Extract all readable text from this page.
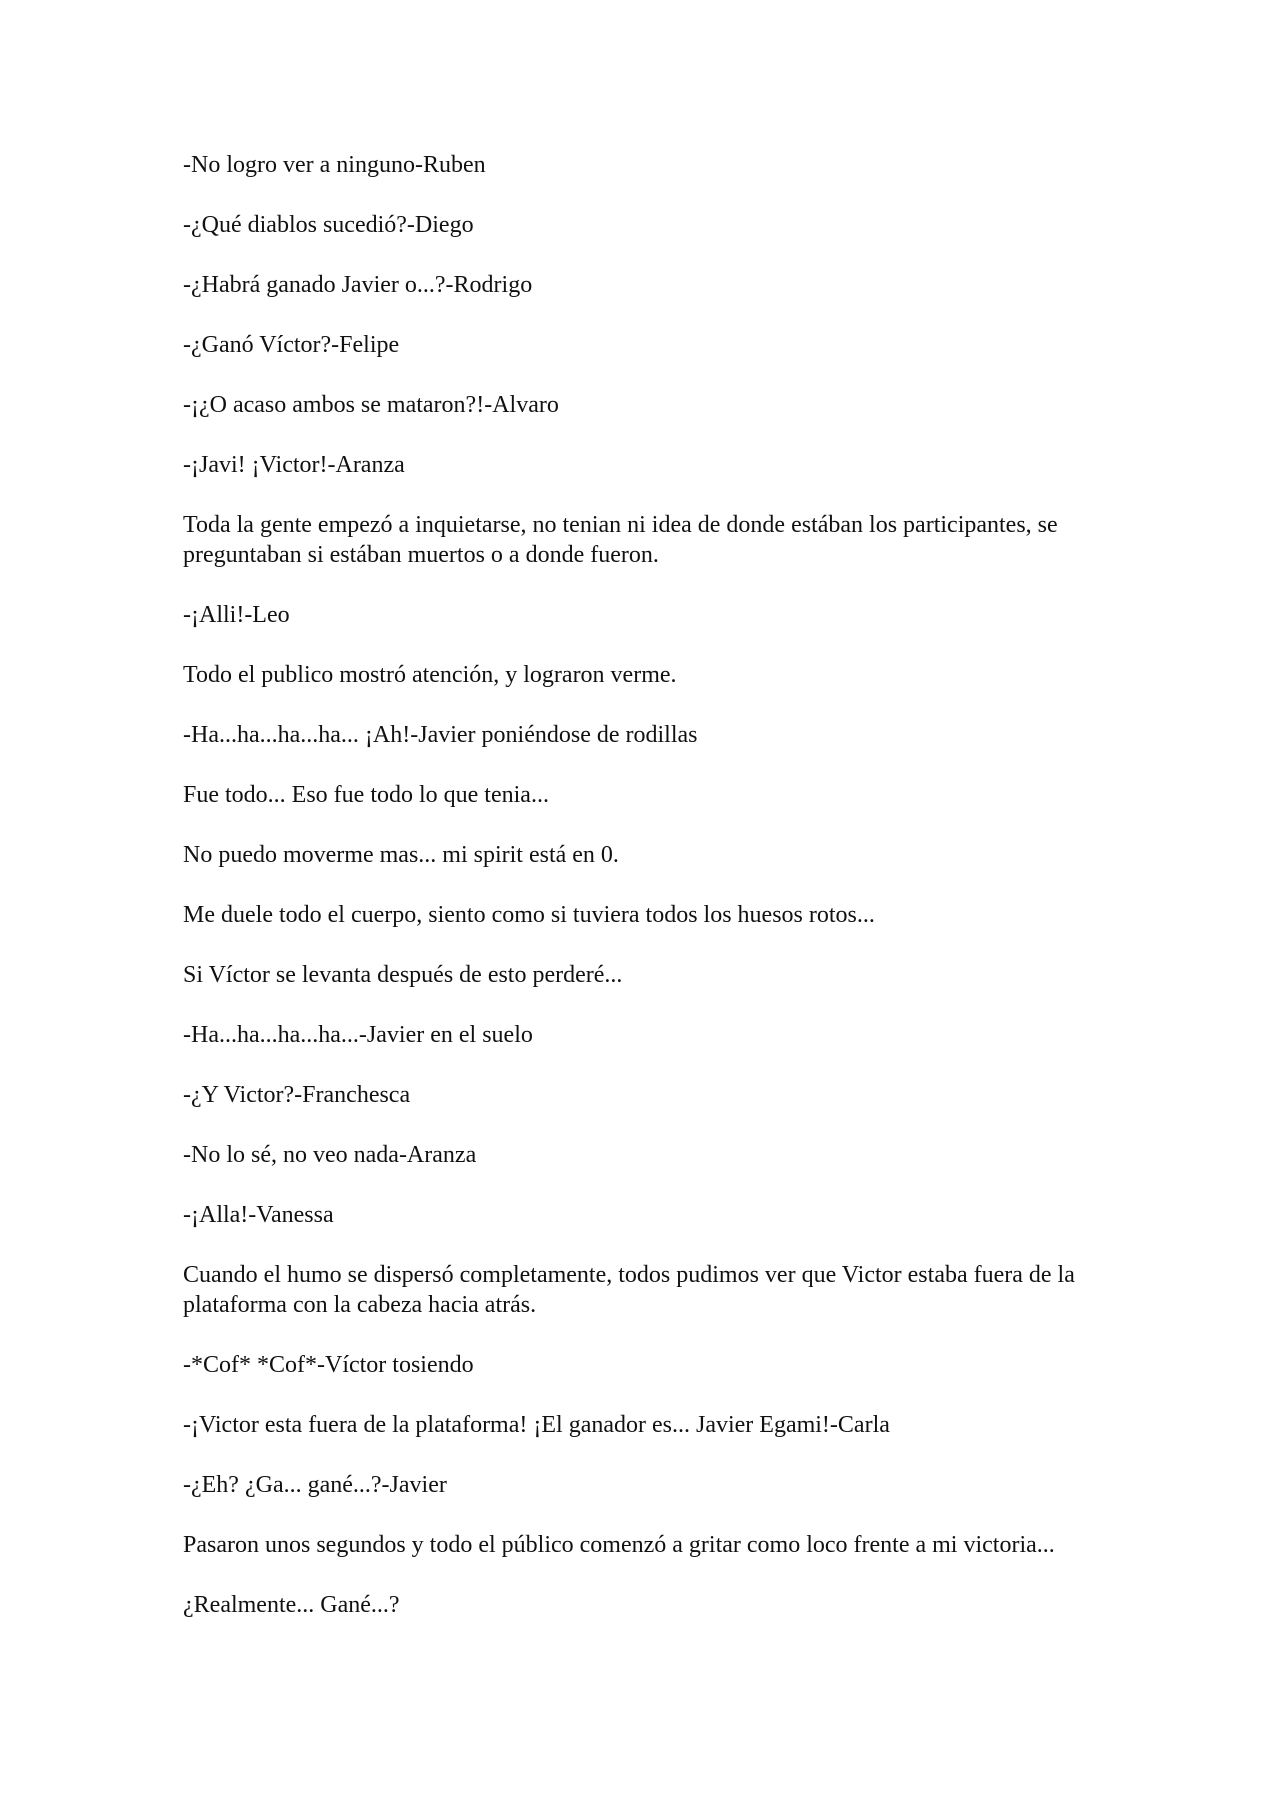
-No logro ver a ninguno-Ruben

-¿Qué diablos sucedió?-Diego

-¿Habrá ganado Javier o...?-Rodrigo

-¿Ganó Víctor?-Felipe

-¡¿O acaso ambos se mataron?!-Alvaro

-¡Javi! ¡Victor!-Aranza

Toda la gente empezó a inquietarse, no tenian ni idea de donde estában los participantes, se preguntaban si estában muertos o a donde fueron.

-¡Alli!-Leo

Todo el publico mostró atención, y lograron verme.

-Ha...ha...ha...ha... ¡Ah!-Javier poniéndose de rodillas

Fue todo... Eso fue todo lo que tenia...

No puedo moverme mas... mi spirit está en 0.

Me duele todo el cuerpo, siento como si tuviera todos los huesos rotos...

Si Víctor se levanta después de esto perderé...

-Ha...ha...ha...ha...-Javier en el suelo

-¿Y Victor?-Franchesca

-No lo sé, no veo nada-Aranza

-¡Alla!-Vanessa

Cuando el humo se dispersó completamente, todos pudimos ver que Victor estaba fuera de la plataforma con la cabeza hacia atrás.

-*Cof* *Cof*-Víctor tosiendo

-¡Victor esta fuera de la plataforma! ¡El ganador es... Javier Egami!-Carla

-¿Eh? ¿Ga... gané...?-Javier

Pasaron unos segundos y todo el público comenzó a gritar como loco frente a mi victoria...

¿Realmente... Gané...?
